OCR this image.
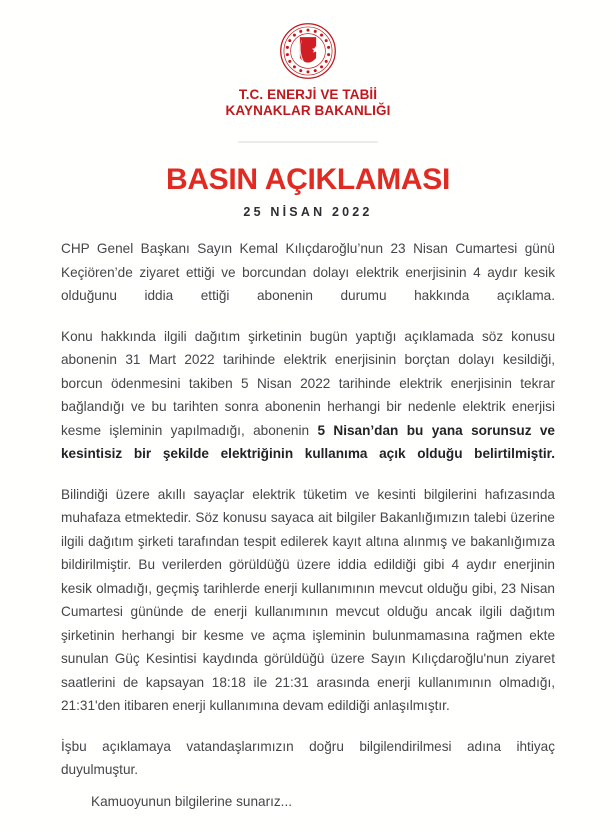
T.C. ENERJİ VE TABİİ
KAYNAKLAR BAKANLIĞI
BASIN AÇIKLAMASI
25 NİSAN 2022

CHP Genel Başkanı Sayın Kemal Kılıçdaroğlu’nun 23 Nisan Cumartesi günü Keçiören’de ziyaret ettiği ve borcundan dolayı elektrik enerjisinin 4 aydır kesik olduğunu iddia ettiği abonenin durumu hakkında açıklama.

Konu hakkında ilgili dağıtım şirketinin bugün yaptığı açıklamada söz konusu abonenin 31 Mart 2022 tarihinde elektrik enerjisinin borçtan dolayı kesildiği, borcun ödenmesini takiben 5 Nisan 2022 tarihinde elektrik enerjisinin tekrar bağlandığı ve bu tarihten sonra abonenin herhangi bir nedenle elektrik enerjisi kesme işleminin yapılmadığı, abonenin 5 Nisan’dan bu yana sorunsuz ve kesintisiz bir şekilde elektriğinin kullanıma açık olduğu belirtilmiştir.

Bilindiği üzere akıllı sayaçlar elektrik tüketim ve kesinti bilgilerini hafızasında muhafaza etmektedir. Söz konusu sayaca ait bilgiler Bakanlığımızın talebi üzerine ilgili dağıtım şirketi tarafından tespit edilerek kayıt altına alınmış ve bakanlığımıza bildirilmiştir. Bu verilerden görüldüğü üzere iddia edildiği gibi 4 aydır enerjinin kesik olmadığı, geçmiş tarihlerde enerji kullanımının mevcut olduğu gibi, 23 Nisan Cumartesi gününde de enerji kullanımının mevcut olduğu ancak ilgili dağıtım şirketinin herhangi bir kesme ve açma işleminin bulunmamasına rağmen ekte sunulan Güç Kesintisi kaydında görüldüğü üzere Sayın Kılıçdaroğlu'nun ziyaret saatlerini de kapsayan 18:18 ile 21:31 arasında enerji kullanımının olmadığı, 21:31'den itibaren enerji kullanımına devam edildiği anlaşılmıştır.

İşbu açıklamaya vatandaşlarımızın doğru bilgilendirilmesi adına ihtiyaç duyulmuştur.
Kamuoyunun bilgilerine sunarız...
